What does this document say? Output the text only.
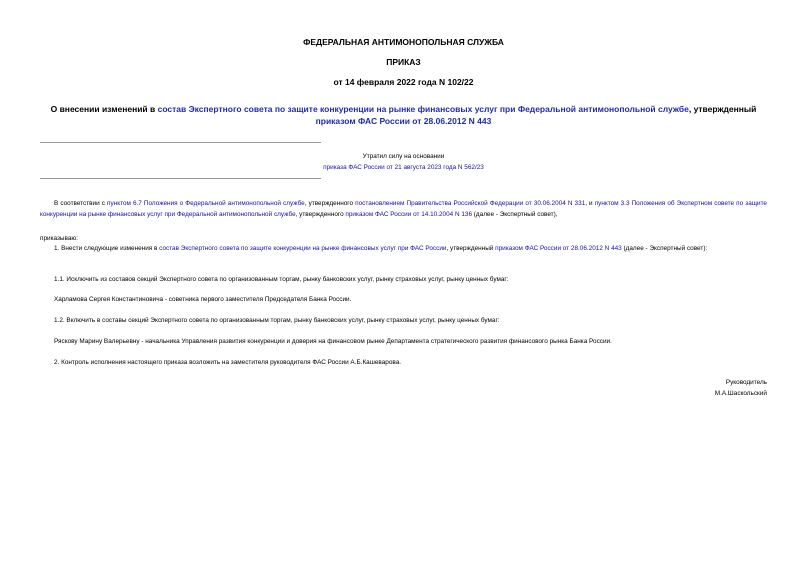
ФЕДЕРАЛЬНАЯ АНТИМОНОПОЛЬНАЯ СЛУЖБА
ПРИКАЗ
от 14 февраля 2022 года N 102/22
О внесении изменений в состав Экспертного совета по защите конкуренции на рынке финансовых услуг при Федеральной антимонопольной службе, утвержденный приказом ФАС России от 28.06.2012 N 443
Утратил силу на основании
приказа ФАС России от 21 августа 2023 года N 562/23
В соответствии с пунктом 6.7 Положения о Федеральной антимонопольной службе, утвержденного постановлением Правительства Российской Федерации от 30.06.2004 N 331, и пунктом 3.3 Положения об Экспертном совете по защите конкуренции на рынке финансовых услуг при Федеральной антимонопольной службе, утвержденного приказом ФАС России от 14.10.2004 N 136 (далее - Экспертный совет),
приказываю:
1. Внести следующие изменения в состав Экспертного совета по защите конкуренции на рынке финансовых услуг при ФАС России, утвержденный приказом ФАС России от 28.06.2012 N 443 (далее - Экспертный совет):
1.1. Исключить из составов секций Экспертного совета по организованным торгам, рынку банковских услуг, рынку страховых услуг, рынку ценных бумаг:
Харламова Сергея Константиновича - советника первого заместителя Председателя Банка России.
1.2. Включить в составы секций Экспертного совета по организованным торгам, рынку банковских услуг, рынку страховых услуг, рынку ценных бумаг:
Ряскову Марину Валерьевну - начальника Управления развития конкуренции и доверия на финансовом рынке Департамента стратегического развития финансового рынка Банка России.
2. Контроль исполнения настоящего приказа возложить на заместителя руководителя ФАС России А.Б.Кашеварова.
Руководитель
М.А.Шаскольский
